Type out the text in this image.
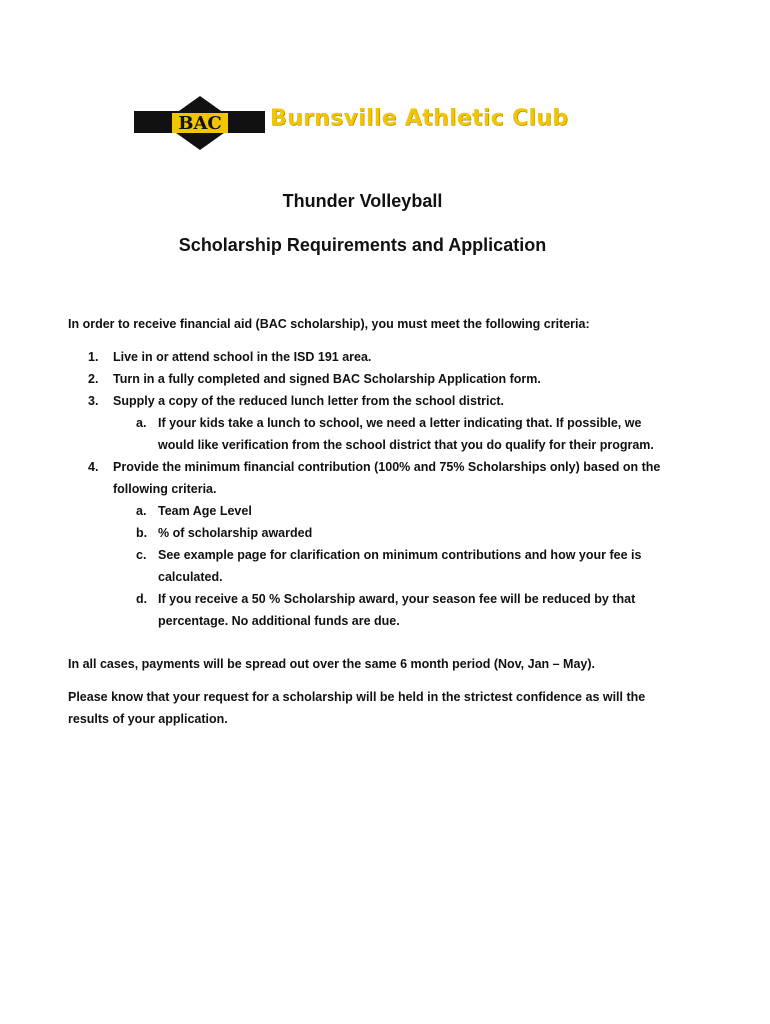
BAC Burnsville Athletic Club
Thunder Volleyball
Scholarship Requirements and Application
In order to receive financial aid (BAC scholarship), you must meet the following criteria:
1. Live in or attend school in the ISD 191 area.
2. Turn in a fully completed and signed BAC Scholarship Application form.
3. Supply a copy of the reduced lunch letter from the school district.
a. If your kids take a lunch to school, we need a letter indicating that. If possible, we would like verification from the school district that you do qualify for their program.
4. Provide the minimum financial contribution (100% and 75% Scholarships only) based on the following criteria.
a. Team Age Level
b. % of scholarship awarded
c. See example page for clarification on minimum contributions and how your fee is calculated.
d. If you receive a 50 % Scholarship award, your season fee will be reduced by that percentage. No additional funds are due.
In all cases, payments will be spread out over the same 6 month period (Nov, Jan – May).
Please know that your request for a scholarship will be held in the strictest confidence as will the results of your application.
